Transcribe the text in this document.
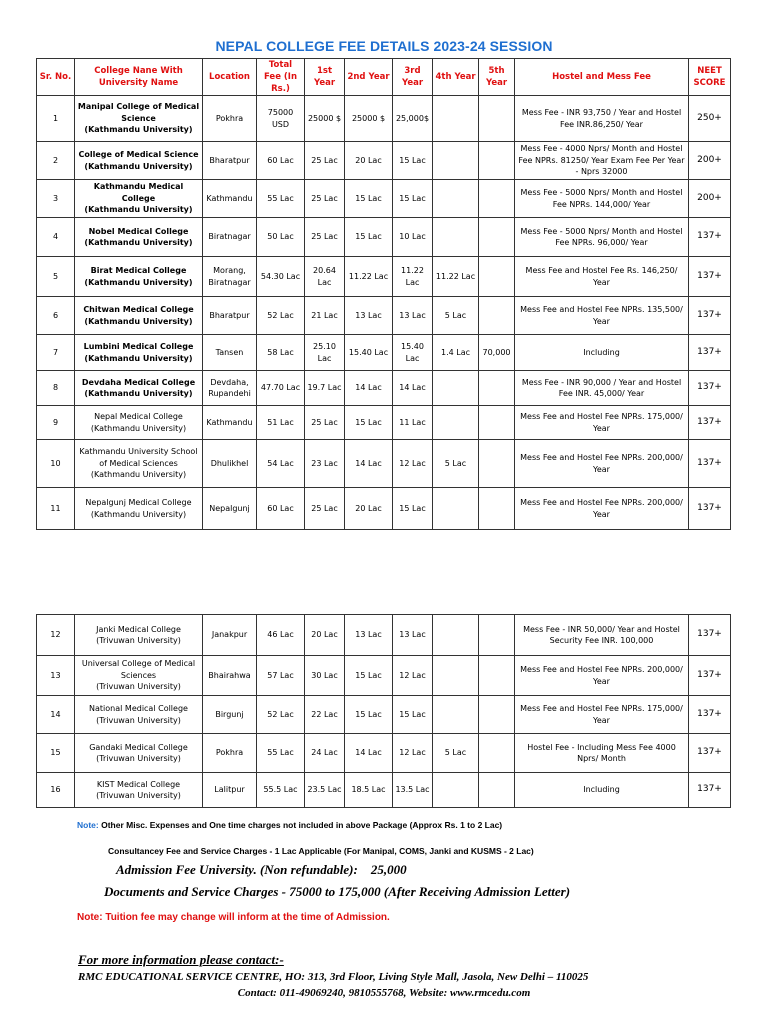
NEPAL COLLEGE FEE DETAILS 2023-24 SESSION
Sr. No.	College Nane With University Name	Location	Total Fee (In Rs.)	1st Year	2nd Year	3rd Year	4th Year	5th Year	Hostel and Mess Fee	NEET SCORE
1	Manipal College of Medical Science
(Kathmandu University)	Pokhra	75000 USD	25000 $	25000 $	25,000$			Mess Fee - INR 93,750 / Year and Hostel Fee INR.86,250/ Year	250+
2	College of Medical Science
(Kathmandu University)	Bharatpur	60 Lac	25 Lac	20 Lac	15 Lac			Mess Fee - 4000 Nprs/ Month and Hostel Fee NPRs. 81250/ Year Exam Fee Per Year - Nprs 32000	200+
3	Kathmandu Medical College
(Kathmandu University)	Kathmandu	55 Lac	25 Lac	15 Lac	15 Lac			Mess Fee - 5000 Nprs/ Month and Hostel Fee NPRs. 144,000/ Year	200+
4	Nobel Medical College
(Kathmandu University)	Biratnagar	50 Lac	25 Lac	15 Lac	10 Lac			Mess Fee - 5000 Nprs/ Month and Hostel Fee NPRs. 96,000/ Year	137+
5	Birat Medical College
(Kathmandu University)	Morang, Biratnagar	54.30 Lac	20.64 Lac	11.22 Lac	11.22 Lac	11.22 Lac		Mess Fee and Hostel Fee Rs. 146,250/ Year	137+
6	Chitwan Medical College
(Kathmandu University)	Bharatpur	52 Lac	21 Lac	13 Lac	13 Lac	5 Lac		Mess Fee and Hostel Fee NPRs. 135,500/ Year	137+
7	Lumbini Medical College
(Kathmandu University)	Tansen	58 Lac	25.10 Lac	15.40 Lac	15.40 Lac	1.4 Lac	70,000	Including	137+
8	Devdaha Medical College
(Kathmandu University)	Devdaha, Rupandehi	47.70 Lac	19.7 Lac	14 Lac	14 Lac			Mess Fee - INR 90,000 / Year and Hostel Fee INR. 45,000/ Year	137+
9	Nepal Medical College
(Kathmandu University)	Kathmandu	51 Lac	25 Lac	15 Lac	11 Lac			Mess Fee and Hostel Fee NPRs. 175,000/ Year	137+
10	Kathmandu University School of Medical Sciences
(Kathmandu University)	Dhulikhel	54 Lac	23 Lac	14 Lac	12 Lac	5 Lac		Mess Fee and Hostel Fee NPRs. 200,000/ Year	137+
11	Nepalgunj Medical College
(Kathmandu University)	Nepalgunj	60 Lac	25 Lac	20 Lac	15 Lac			Mess Fee and Hostel Fee NPRs. 200,000/ Year	137+
12	Janki Medical College
(Trivuwan University)	Janakpur	46 Lac	20 Lac	13 Lac	13 Lac			Mess Fee - INR 50,000/ Year and Hostel Security Fee INR. 100,000	137+
13	Universal College of Medical Sciences
(Trivuwan University)	Bhairahwa	57 Lac	30 Lac	15 Lac	12 Lac			Mess Fee and Hostel Fee NPRs. 200,000/ Year	137+
14	National Medical College
(Trivuwan University)	Birgunj	52 Lac	22 Lac	15 Lac	15 Lac			Mess Fee and Hostel Fee NPRs. 175,000/ Year	137+
15	Gandaki Medical College
(Trivuwan University)	Pokhra	55 Lac	24 Lac	14 Lac	12 Lac	5 Lac		Hostel Fee - Including Mess Fee 4000 Nprs/ Month	137+
16	KIST Medical College
(Trivuwan University)	Lalitpur	55.5 Lac	23.5 Lac	18.5 Lac	13.5 Lac			Including	137+
Note: Other Misc. Expenses and One time charges not included in above Package (Approx Rs. 1 to 2 Lac)
Consultancey Fee and Service Charges - 1 Lac Applicable (For Manipal, COMS, Janki and KUSMS - 2 Lac)
Admission Fee University. (Non refundable):    25,000
Documents and Service Charges - 75000 to 175,000 (After Receiving Admission Letter)
Note: Tuition fee may change will inform at the time of Admission.
For more information please contact:-
RMC EDUCATIONAL SERVICE CENTRE, HO: 313, 3rd Floor, Living Style Mall, Jasola, New Delhi – 110025
Contact: 011-49069240, 9810555768, Website: www.rmcedu.com
